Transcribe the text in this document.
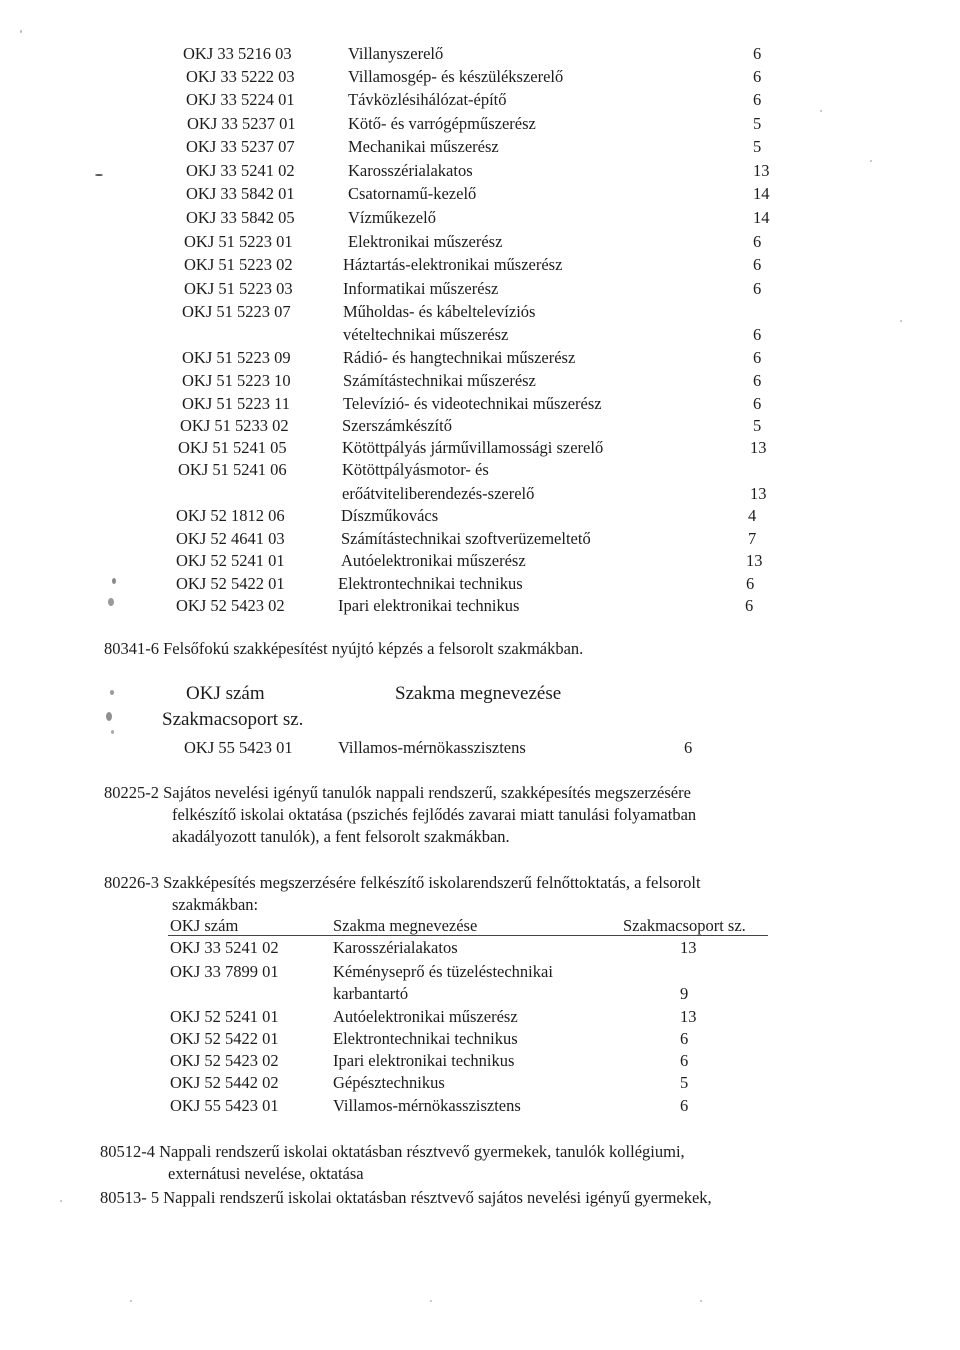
OKJ 33 5216 03	Villanyszerelő	6
OKJ 33 5222 03	Villamosgép- és készülékszerelő	6
OKJ 33 5224 01	Távközlésihálózat-építő	6
OKJ 33 5237 01	Kötő- és varrógépműszerész	5
OKJ 33 5237 07	Mechanikai műszerész	5
OKJ 33 5241 02	Karosszérialakatos	13
OKJ 33 5842 01	Csatornamű-kezelő	14
OKJ 33 5842 05	Vízműkezelő	14
OKJ 51 5223 01	Elektronikai műszerész	6
OKJ 51 5223 02	Háztartás-elektronikai műszerész	6
OKJ 51 5223 03	Informatikai műszerész	6
OKJ 51 5223 07	Műholdas- és kábeltelevíziós
vételtechnikai műszerész	6
OKJ 51 5223 09	Rádió- és hangtechnikai műszerész	6
OKJ 51 5223 10	Számítástechnikai műszerész	6
OKJ 51 5223 11	Televízió- és videotechnikai műszerész	6
OKJ 51 5233 02	Szerszámkészítő	5
OKJ 51 5241 05	Kötöttpályás járművillamossági szerelő	13
OKJ 51 5241 06	Kötöttpályásmotor- és
erőátviteliberendezés-szerelő	13
OKJ 52 1812 06	Díszműkovács	4
OKJ 52 4641 03	Számítástechnikai szoftverüzemeltető	7
OKJ 52 5241 01	Autóelektronikai műszerész	13
OKJ 52 5422 01	Elektrontechnikai technikus	6
OKJ 52 5423 02	Ipari elektronikai technikus	6
80341-6 Felsőfokú szakképesítést nyújtó képzés a felsorolt szakmákban.
OKJ szám	Szakma megnevezése
Szakmacsoport sz.
OKJ 55 5423 01	Villamos-mérnökasszisztens	6
80225-2 Sajátos nevelési igényű tanulók nappali rendszerű, szakképesítés megszerzésére
felkészítő iskolai oktatása (pszichés fejlődés zavarai miatt tanulási folyamatban
akadályozott tanulók), a fent felsorolt szakmákban.
80226-3 Szakképesítés megszerzésére felkészítő iskolarendszerű felnőttoktatás, a felsorolt
szakmákban:
OKJ szám	Szakma megnevezése	Szakmacsoport sz.
OKJ 33 5241 02	Karosszérialakatos	13
OKJ 33 7899 01	Kéményseprő és tüzeléstechnikai
karbantartó	9
OKJ 52 5241 01	Autóelektronikai műszerész	13
OKJ 52 5422 01	Elektrontechnikai technikus	6
OKJ 52 5423 02	Ipari elektronikai technikus	6
OKJ 52 5442 02	Gépésztechnikus	5
OKJ 55 5423 01	Villamos-mérnökasszisztens	6
80512-4 Nappali rendszerű iskolai oktatásban résztvevő gyermekek, tanulók kollégiumi,
externátusi nevelése, oktatása
80513- 5 Nappali rendszerű iskolai oktatásban résztvevő sajátos nevelési igényű gyermekek,
